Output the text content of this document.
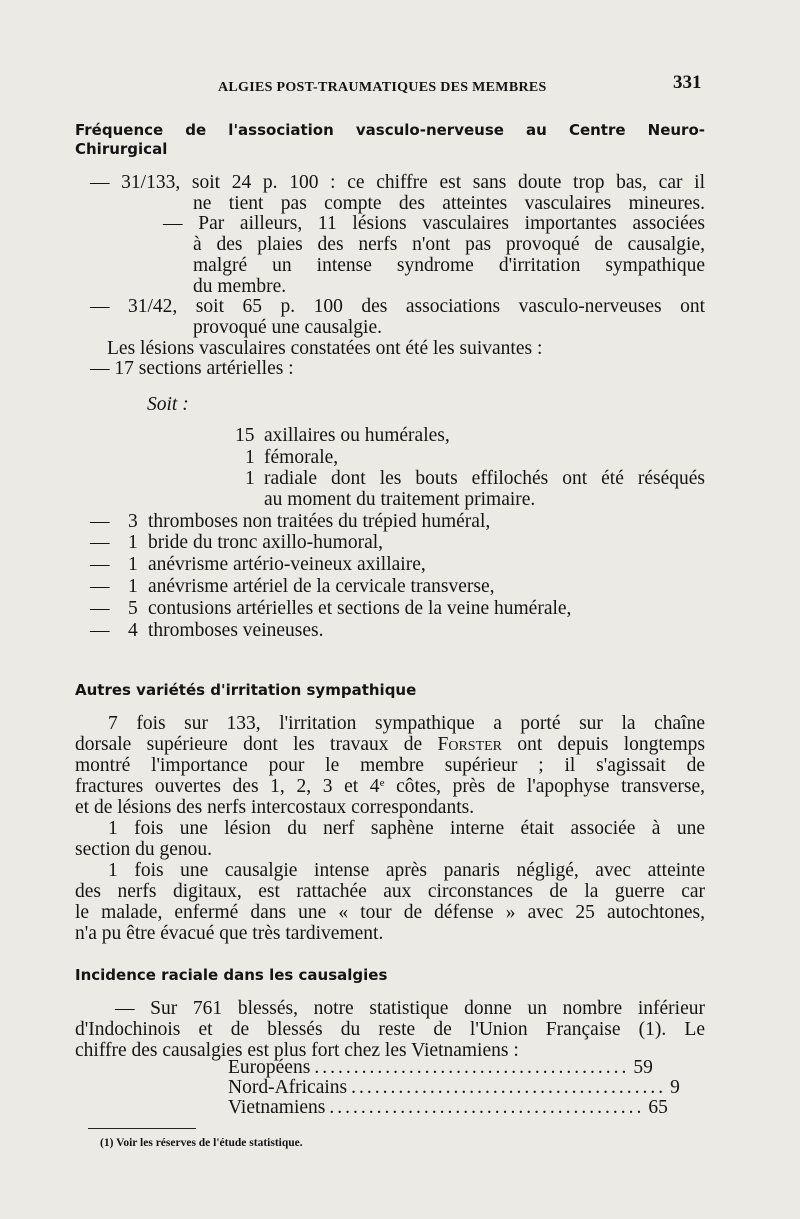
ALGIES POST-TRAUMATIQUES DES MEMBRES	331
Fréquence de l'association vasculo-nerveuse au Centre Neuro-
Chirurgical
— 31/133, soit 24 p. 100 : ce chiffre est sans doute trop bas, car il
ne tient pas compte des atteintes vasculaires mineures.
— Par ailleurs, 11 lésions vasculaires importantes associées
à des plaies des nerfs n'ont pas provoqué de causalgie,
malgré un intense syndrome d'irritation sympathique
du membre.
— 31/42, soit 65 p. 100 des associations vasculo-nerveuses ont
provoqué une causalgie.
Les lésions vasculaires constatées ont été les suivantes :
— 17 sections artérielles :
Soit :
15 axillaires ou humérales,
1 fémorale,
1 radiale dont les bouts effilochés ont été réséqués
au moment du traitement primaire.
— 3 thromboses non traitées du trépied huméral,
— 1 bride du tronc axillo-humoral,
— 1 anévrisme artério-veineux axillaire,
— 1 anévrisme artériel de la cervicale transverse,
— 5 contusions artérielles et sections de la veine humérale,
— 4 thromboses veineuses.
Autres variétés d'irritation sympathique
7 fois sur 133, l'irritation sympathique a porté sur la chaîne
dorsale supérieure dont les travaux de Forster ont depuis longtemps
montré l'importance pour le membre supérieur ; il s'agissait de
fractures ouvertes des 1, 2, 3 et 4e côtes, près de l'apophyse transverse,
et de lésions des nerfs intercostaux correspondants.
1 fois une lésion du nerf saphène interne était associée à une
section du genou.
1 fois une causalgie intense après panaris négligé, avec atteinte
des nerfs digitaux, est rattachée aux circonstances de la guerre car
le malade, enfermé dans une « tour de défense » avec 25 autochtones,
n'a pu être évacué que très tardivement.
Incidence raciale dans les causalgies
— Sur 761 blessés, notre statistique donne un nombre inférieur
d'Indochinois et de blessés du reste de l'Union Française (1). Le
chiffre des causalgies est plus fort chez les Vietnamiens :
Européens ........................................ 59
Nord-Africains ........................................ 9
Vietnamiens ........................................ 65
(1) Voir les réserves de l'étude statistique.
